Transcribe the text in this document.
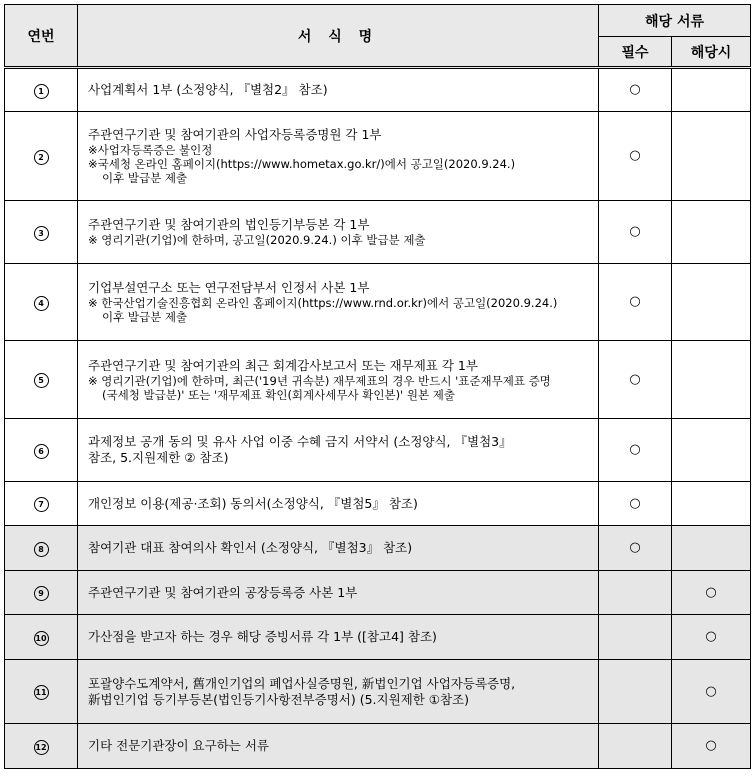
연번	서 식 명	해당 서류	
		필수	해당시
1	사업계획서 1부 (소정양식, 『별첨2』 참조)	○	
2	주관연구기관 및 참여기관의 사업자등록증명원 각 1부
※사업자등록증은 불인정
※국세청 온라인 홈페이지(https://www.hometax.go.kr/)에서 공고일(2020.9.24.)
이후 발급분 제출	○	
3	주관연구기관 및 참여기관의 법인등기부등본 각 1부
※ 영리기관(기업)에 한하며, 공고일(2020.9.24.) 이후 발급분 제출	○	
4	기업부설연구소 또는 연구전담부서 인정서 사본 1부
※ 한국산업기술진흥협회 온라인 홈페이지(https://www.rnd.or.kr)에서 공고일(2020.9.24.)
이후 발급분 제출	○	
5	주관연구기관 및 참여기관의 최근 회계감사보고서 또는 재무제표 각 1부
※ 영리기관(기업)에 한하며, 최근('19년 귀속분) 재무제표의 경우 반드시 '표준재무제표 증명
(국세청 발급분)' 또는 '재무제표 확인(회계사세무사 확인본)' 원본 제출	○	
6	과제정보 공개 동의 및 유사 사업 이중 수혜 금지 서약서 (소정양식, 『별첨3』
참조, 5.지원제한 ② 참조)	○	
7	개인정보 이용(제공·조회) 동의서(소정양식, 『별첨5』 참조)	○	
8	참여기관 대표 참여의사 확인서 (소정양식, 『별첨3』 참조)	○	
9	주관연구기관 및 참여기관의 공장등록증 사본 1부		○
10	가산점을 받고자 하는 경우 해당 증빙서류 각 1부 ([참고4] 참조)		○
11	포괄양수도계약서, 舊개인기업의 폐업사실증명원, 新법인기업 사업자등록증명,
新법인기업 등기부등본(법인등기사항전부증명서) (5.지원제한 ①참조)		○
12	기타 전문기관장이 요구하는 서류		○
